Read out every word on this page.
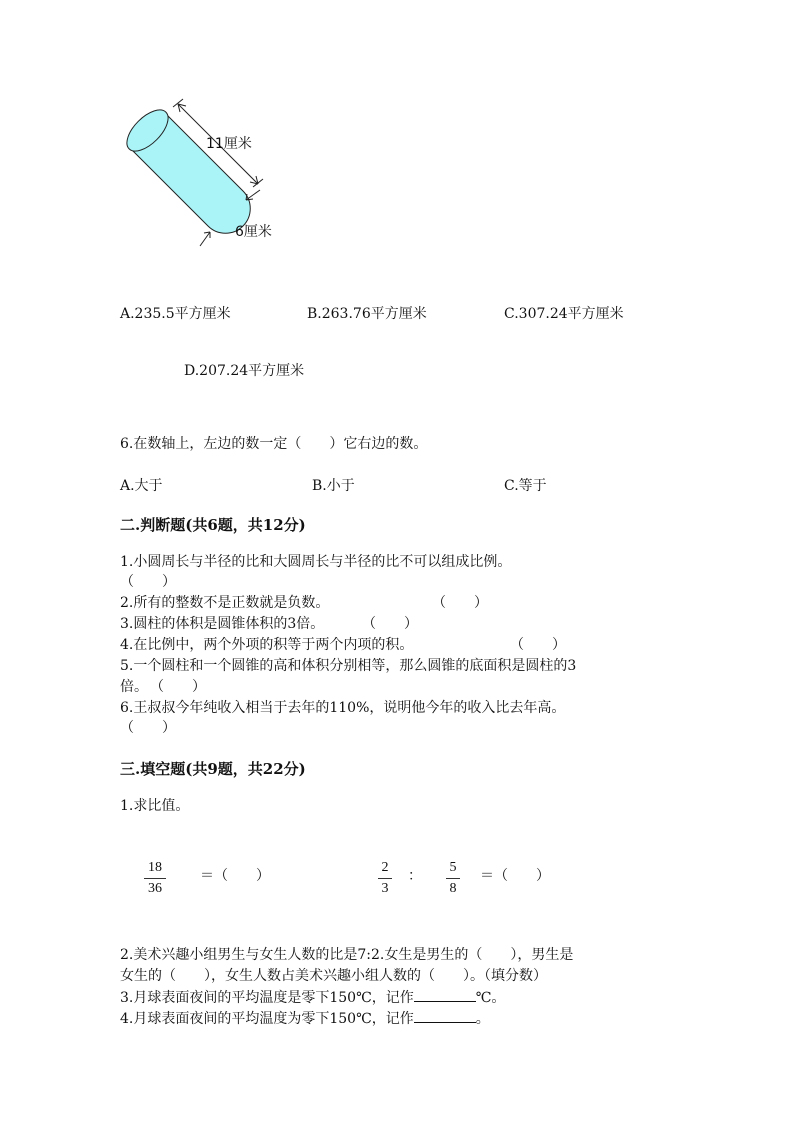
11厘米
6厘米
A.235.5平方厘米	B.263.76平方厘米	C.307.24平方厘米
D.207.24平方厘米
6.在数轴上，左边的数一定（　　）它右边的数。
A.大于	B.小于	C.等于
二.判断题(共6题，共12分)
1.小圆周长与半径的比和大圆周长与半径的比不可以组成比例。
（　　）
2.所有的整数不是正数就是负数。	（　　）
3.圆柱的体积是圆锥体积的3倍。	（　　）
4.在比例中，两个外项的积等于两个内项的积。	（　　）
5.一个圆柱和一个圆锥的高和体积分别相等，那么圆锥的底面积是圆柱的3
倍。 （　　）
6.王叔叔今年纯收入相当于去年的110%，说明他今年的收入比去年高。
（　　）
三.填空题(共9题，共22分)
1.求比值。
18
36
＝（　　）
2
3
：
5
8
＝（　　）
2.美术兴趣小组男生与女生人数的比是7:2.女生是男生的（　　），男生是
女生的（　　），女生人数占美术兴趣小组人数的（　　）。（填分数）
3.月球表面夜间的平均温度是零下150℃，记作	℃。
4.月球表面夜间的平均温度为零下150℃，记作	。
